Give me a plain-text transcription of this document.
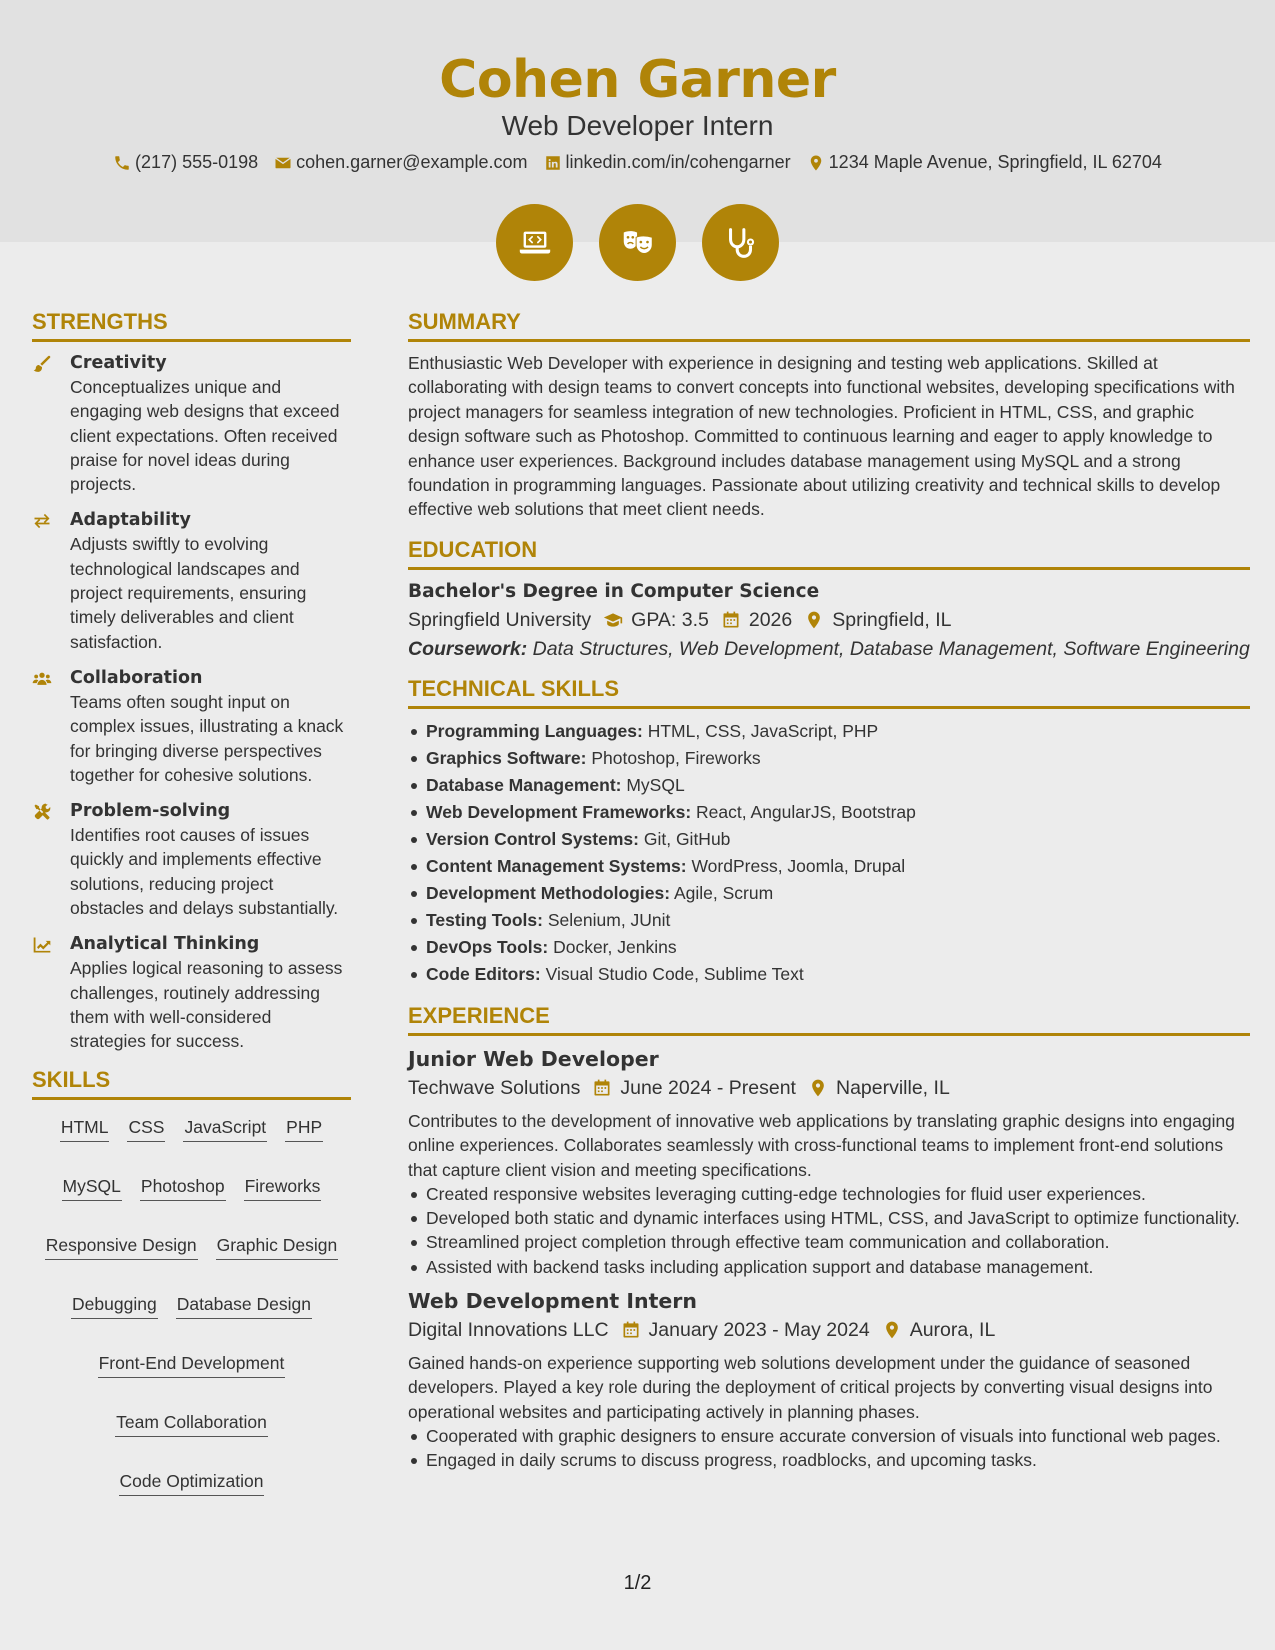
Cohen Garner
Web Developer Intern
(217) 555-0198 cohen.garner@example.com linkedin.com/in/cohengarner 1234 Maple Avenue, Springfield, IL 62704
STRENGTHS
Creativity
Conceptualizes unique and engaging web designs that exceed client expectations. Often received praise for novel ideas during projects.
Adaptability
Adjusts swiftly to evolving technological landscapes and project requirements, ensuring timely deliverables and client satisfaction.
Collaboration
Teams often sought input on complex issues, illustrating a knack for bringing diverse perspectives together for cohesive solutions.
Problem-solving
Identifies root causes of issues quickly and implements effective solutions, reducing project obstacles and delays substantially.
Analytical Thinking
Applies logical reasoning to assess challenges, routinely addressing them with well-considered strategies for success.
SKILLS
HTML CSS JavaScript PHP
MySQL Photoshop Fireworks
Responsive Design Graphic Design
Debugging Database Design
Front-End Development
Team Collaboration
Code Optimization
SUMMARY
Enthusiastic Web Developer with experience in designing and testing web applications. Skilled at collaborating with design teams to convert concepts into functional websites, developing specifications with project managers for seamless integration of new technologies. Proficient in HTML, CSS, and graphic design software such as Photoshop. Committed to continuous learning and eager to apply knowledge to enhance user experiences. Background includes database management using MySQL and a strong foundation in programming languages. Passionate about utilizing creativity and technical skills to develop effective web solutions that meet client needs.
EDUCATION
Bachelor's Degree in Computer Science
Springfield University GPA: 3.5 2026 Springfield, IL
Coursework: Data Structures, Web Development, Database Management, Software Engineering
TECHNICAL SKILLS
Programming Languages: HTML, CSS, JavaScript, PHP
Graphics Software: Photoshop, Fireworks
Database Management: MySQL
Web Development Frameworks: React, AngularJS, Bootstrap
Version Control Systems: Git, GitHub
Content Management Systems: WordPress, Joomla, Drupal
Development Methodologies: Agile, Scrum
Testing Tools: Selenium, JUnit
DevOps Tools: Docker, Jenkins
Code Editors: Visual Studio Code, Sublime Text
EXPERIENCE
Junior Web Developer
Techwave Solutions June 2024 - Present Naperville, IL
Contributes to the development of innovative web applications by translating graphic designs into engaging online experiences. Collaborates seamlessly with cross-functional teams to implement front-end solutions that capture client vision and meeting specifications.
Created responsive websites leveraging cutting-edge technologies for fluid user experiences.
Developed both static and dynamic interfaces using HTML, CSS, and JavaScript to optimize functionality.
Streamlined project completion through effective team communication and collaboration.
Assisted with backend tasks including application support and database management.
Web Development Intern
Digital Innovations LLC January 2023 - May 2024 Aurora, IL
Gained hands-on experience supporting web solutions development under the guidance of seasoned developers. Played a key role during the deployment of critical projects by converting visual designs into operational websites and participating actively in planning phases.
Cooperated with graphic designers to ensure accurate conversion of visuals into functional web pages.
Engaged in daily scrums to discuss progress, roadblocks, and upcoming tasks.
1/2
